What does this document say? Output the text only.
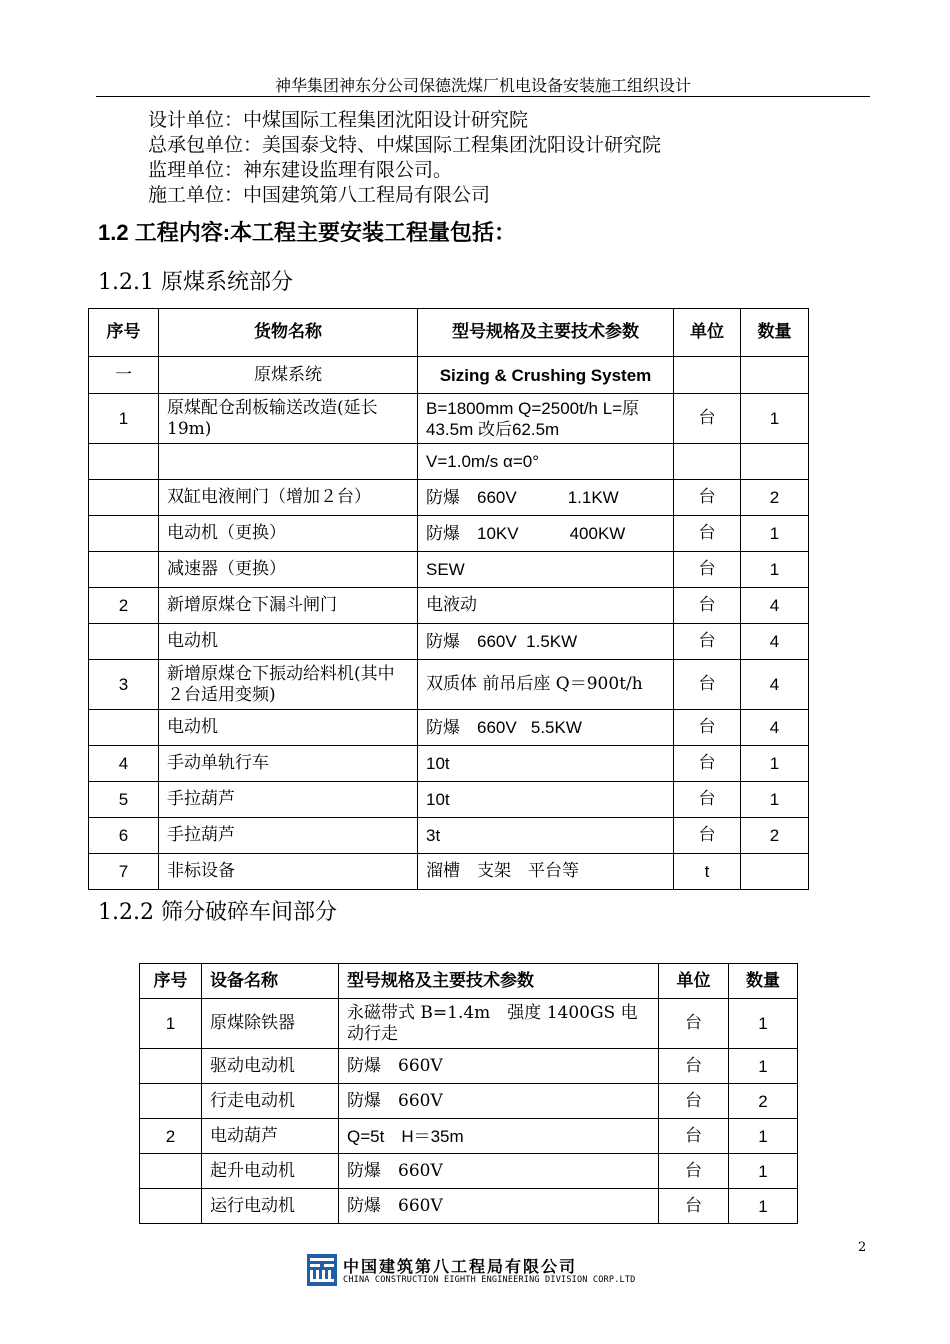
神华集团神东分公司保德洗煤厂机电设备安装施工组织设计
设计单位：中煤国际工程集团沈阳设计研究院
总承包单位：美国泰戈特、中煤国际工程集团沈阳设计研究院
监理单位：神东建设监理有限公司。
施工单位：中国建筑第八工程局有限公司
1.2 工程内容:本工程主要安装工程量包括：
1.2.1 原煤系统部分
序号	货物名称	型号规格及主要技术参数	单位	数量
一	原煤系统	Sizing & Crushing System		
1	原煤配仓刮板输送改造(延长19m)	B=1800mm Q=2500t/h L=原43.5m 改后62.5m	台	1
		V=1.0m/s α=0°		
	双缸电液闸门（增加２台）	防爆　660V　　　1.1KW	台	2
	电动机（更换）	防爆　10KV　　　400KW	台	1
	减速器（更换）	SEW	台	1
2	新增原煤仓下漏斗闸门	电液动	台	4
	电动机	防爆　660V  1.5KW	台	4
3	新增原煤仓下振动给料机(其中２台适用变频)	双质体 前吊后座 Q＝900t/h	台	4
	电动机	防爆　660V   5.5KW	台	4
4	手动单轨行车	10t	台	1
5	手拉葫芦	10t	台	1
6	手拉葫芦	3t	台	2
7	非标设备	溜槽　支架　平台等	t	
1.2.2 筛分破碎车间部分
序号	设备名称	型号规格及主要技术参数	单位	数量
1	原煤除铁器	永磁带式 B=1.4m　强度 1400GS 电动行走	台	1
	驱动电动机	防爆　660V	台	1
	行走电动机	防爆　660V	台	2
2	电动葫芦	Q=5t　H＝35m	台	1
	起升电动机	防爆　660V	台	1
	运行电动机	防爆　660V	台	1
2
中国建筑第八工程局有限公司
CHINA CONSTRUCTION EIGHTH ENGINEERING DIVISION CORP.LTD
